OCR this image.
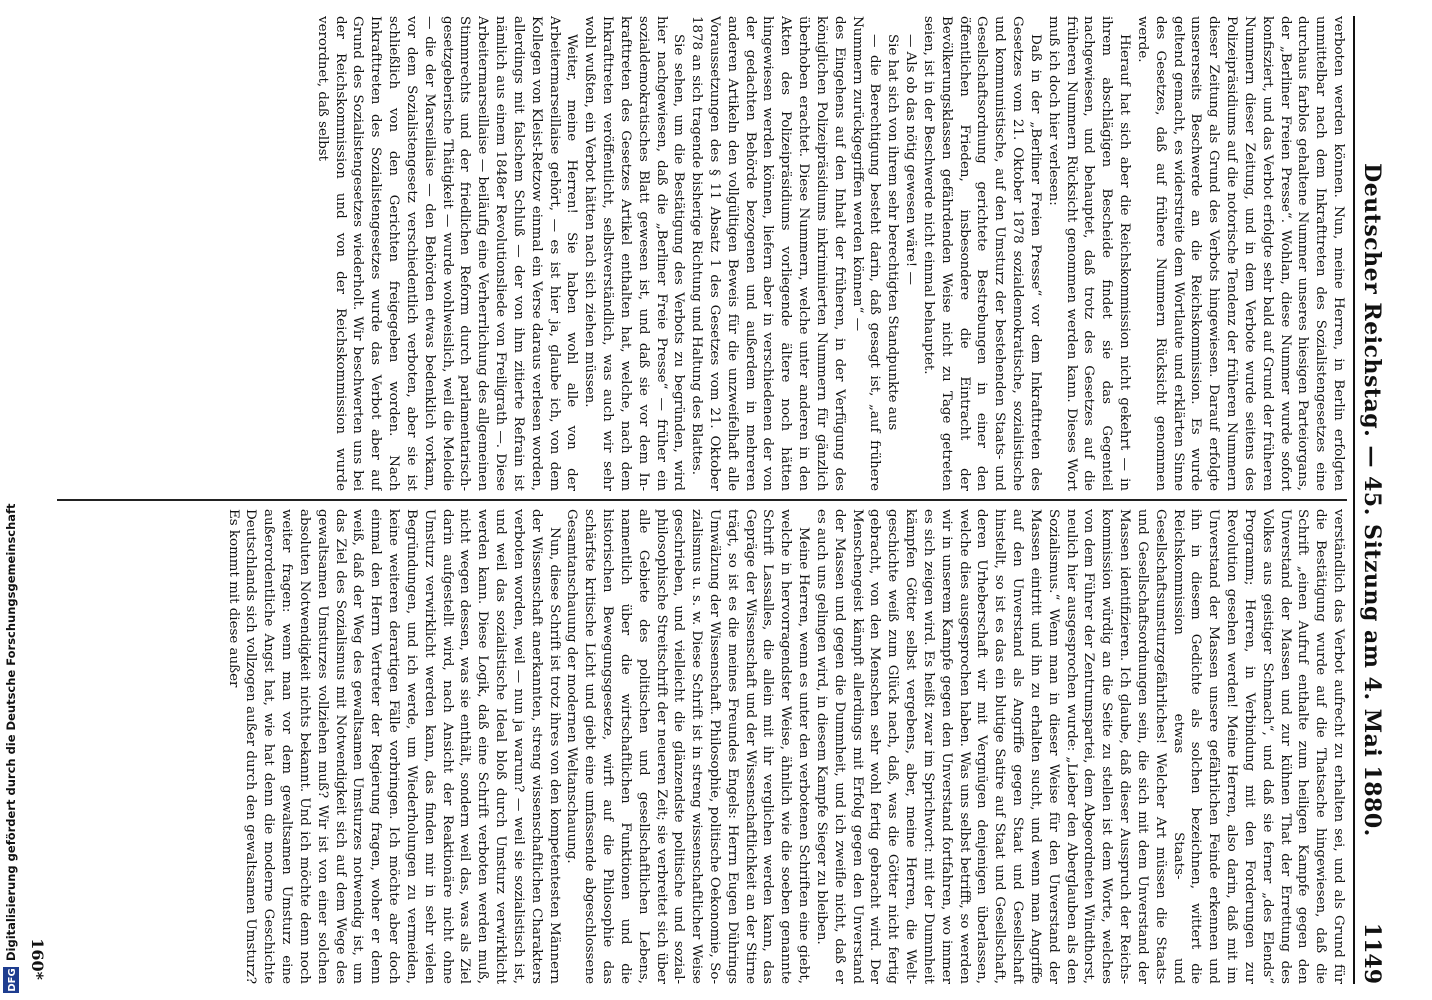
Deutscher Reichstag. — 45. Sitzung am 4. Mai 1880.
1149

verboten werden können. Nun, meine Herren, in Berlin erfolgten unmittelbar nach dem Inkrafttreten des Sozialistengesetzes eine durchaus farblos gehaltene Nummer unseres hiesigen Parteiorgans, der „Berliner Freien Presse“. Wohlan, diese Nummer wurde sofort konfisziert, und das Verbot erfolgte sehr bald auf Grund der früheren Nummern dieser Zeitung, und in dem Verbote wurde seitens des Polizeipräsidiums auf die notorische Tendenz der früheren Nummern dieser Zeitung als Grund des Verbots hingewiesen. Darauf erfolgte unsererseits Beschwerde an die Reichskommission. Es wurde geltend gemacht, es widerstreite dem Wortlaute und erklärten Sinne des Gesetzes, daß auf frühere Nummern Rücksicht genommen werde.

Hierauf hat sich aber die Reichskommission nicht gekehrt — in ihrem abschlägigen Bescheide findet sie das Gegenteil nachgewiesen, und behauptet, daß trotz des Gesetzes auf die früheren Nummern Rücksicht genommen werden kann. Dieses Wort muß ich doch hier verlesen:

Daß in der „Berliner Freien Presse“ vor dem Inkrafttreten des Gesetzes vom 21. Oktober 1878 sozialdemokratische, sozialistische und kommunistische, auf den Umsturz der bestehenden Staats- und Gesellschaftsordnung gerichtete Bestrebungen in einer den öffentlichen Frieden, insbesondere die Eintracht der Bevölkerungsklassen gefährdenden Weise nicht zu Tage getreten seien, ist in der Beschwerde nicht einmal behauptet.

— Als ob das nötig gewesen wäre! —

Sie hat sich von ihrem sehr berechtigten Standpunkte aus

— die Berechtigung besteht darin, daß gesagt ist, „auf frühere Nummern zurückgegriffen werden können“ —

des Eingehens auf den Inhalt der früheren, in der Verfügung des königlichen Polizeipräsidiums inkriminierten Nummern für gänzlich überhoben erachtet. Diese Nummern, welche unter anderen in den Akten des Polizeipräsidiums vorliegende ältere noch hätten hingewiesen werden können, liefern aber in verschiedenen der von der gedachten Behörde bezogenen und außerdem in mehreren anderen Artikeln den vollgültigen Beweis für die unzweifelhaft alle Voraussetzungen des § 11 Absatz 1 des Gesetzes vom 21. Oktober 1878 an sich tragende bisherige Richtung und Haltung des Blattes.

Sie sehen, um die Bestätigung des Verbots zu begründen, wird hier nachgewiesen, daß die „Berliner Freie Presse“ — früher ein sozialdemokratisches Blatt gewesen ist, und daß sie vor dem Inkrafttreten des Gesetzes Artikel enthalten hat, welche, nach dem Inkrafttreten veröffentlicht, selbstverständlich, was auch wir sehr wohl wußten, ein Verbot hätten nach sich ziehen müssen.

Weiter, meine Herren! Sie haben wohl alle von der Arbeitermarseillaise gehört, — es ist hier ja, glaube ich, von dem Kollegen von Kleist-Retzow einmal ein Verse daraus verlesen worden, allerdings mit falschem Schluß — der von ihm zitierte Refrain ist nämlich aus einem 1848er Revolutionsliede von Freiligrath —. Diese Arbeitermarseillaise — beiläufig eine Verherrlichung des allgemeinen Stimmrechts und der friedlichen Reform durch parlamentarisch-gesetzgeberische Thätigkeit — wurde wohlweislich, weil die Melodie — die der Marseillaise — den Behörden etwas bedenklich vorkam, vor dem Sozialistengesetz verschiedentlich verboten, aber sie ist schließlich von den Gerichten freigegeben worden. Nach Inkrafttreten des Sozialistengesetzes wurde das Verbot aber auf Grund des Sozialistengesetzes wiederholt. Wir beschwerten uns bei der Reichskommission und von der Reichskommission wurde verordnet, daß selbst

verständlich das Verbot aufrecht zu erhalten sei, und als Grund für die Bestätigung wurde auf die Thatsache hingewiesen, daß die Schrift „einen Aufruf enthalte zum heiligen Kampfe gegen den Unverstand der Massen und zur kühnen That der Errettung des Volkes aus geistiger Schmach“, und daß sie ferner „des Elends“ Programm; Herren, in Verbindung mit den Forderungen zur Revolution gesehen werden! Meine Herren, also darin, daß mit im Unverstand der Massen unsere gefährlichen Feinde erkennen und ihn in diesem Gedichte als solchen bezeichnen, wittert die Reichskommission etwas Staats- und Gesellschaftsumsturzgefährliches! Welcher Art müssen die Staats- und Gesellschaftsordnungen sein, die sich mit dem Unverstand der Massen identifizieren. Ich glaube, daß dieser Ausspruch der Reichskommission würdig an die Seite zu stellen ist dem Worte, welches von dem Führer der Zentrumspartei, dem Abgeordneten Windthorst, neulich hier ausgesprochen wurde: „Lieber den Aberglauben als den Sozialismus.“ Wenn man in dieser Weise für den Unverstand der Massen eintritt und ihn zu erhalten sucht, und wenn man Angriffe auf den Unverstand als Angriffe gegen Staat und Gesellschaft hinstellt, so ist es das ein blutige Satire auf Staat und Gesellschaft, deren Urheberschaft wir mit Vergnügen denjenigen überlassen, welche dies ausgesprochen haben. Was uns selbst betrifft, so werden wir in unserem Kampfe gegen den Unverstand fortfahren, wo immer es sich zeigen wird. Es heißt zwar im Sprichwort: mit der Dummheit kämpfen Götter selbst vergebens, aber, meine Herren, die Weltgeschichte weiß zum Glück nach, daß, was die Götter nicht fertig gebracht, von den Menschen sehr wohl fertig gebracht wird. Der Menschengeist kämpft allerdings mit Erfolg gegen den Unverstand der Massen und gegen die Dummheit, und ich zweifle nicht, daß er es auch uns gelingen wird, in diesem Kampfe Sieger zu bleiben.

Meine Herren, wenn es unter den verbotenen Schriften eine giebt, welche in hervorragendster Weise, ähnlich wie die soeben genannte Schrift Lassalles, die allein mit ihr verglichen werden kann, das Gepräge der Wissenschaft und der Wissenschaftlichkeit an der Stirne trägt, so ist es die meines Freundes Engels: Herrn Eugen Dührings Umwälzung der Wissenschaft. Philosophie, politische Oekonomie, Sozialismus u. s. w. Diese Schrift ist in streng wissenschaftlicher Weise geschrieben, und vielleicht die glänzendste politische und sozial-philosophische Streitschrift der neueren Zeit; sie verbreitet sich über alle Gebiete des politischen und gesellschaftlichen Lebens, namentlich über die wirtschaftlichen Funktionen und die historischen Bewegungsgesetze, wirft auf die Philosophie das schärfste kritische Licht und giebt eine umfassende abgeschlossene Gesamtanschauung der modernen Weltanschauung.

Nun, diese Schrift ist trotz ihres von den kompetentesten Männern der Wissenschaft anerkannten, streng wissenschaftlichen Charakters verboten worden, weil — nun ja warum? — weil sie sozialistisch ist, und weil das sozialistische Ideal bloß durch Umsturz verwirklicht werden kann. Diese Logik, daß eine Schrift verboten werden muß, nicht wegen dessen, was sie enthält, sondern weil das, was als Ziel darin aufgestellt wird, nach Ansicht der Reaktionäre nicht ohne Umsturz verwirklicht werden kann, das finden mir in sehr vielen Begründungen, und ich werde, um Wiederholungen zu vermeiden, keine weiteren derartigen Fälle vorbringen. Ich möchte aber doch einmal den Herrn Vertreter der Regierung fragen, woher er denn weiß, daß der Weg des gewaltsamen Umsturzes notwendig ist, um das Ziel des Sozialismus mit Notwendigkeit sich auf dem Wege des gewaltsamen Umsturzes vollziehen muß? Wir ist von einer solchen absoluten Notwendigkeit nichts bekannt. Und ich möchte denn noch weiter fragen: wenn man vor dem gewaltsamen Umsturz eine außerordentliche Angst hat, wie hat denn die moderne Geschichte Deutschlands sich vollzogen außer durch den gewaltsamen Umsturz? Es kommt mit diese außer

160*
DFG
Digitalisierung gefördert durch die Deutsche Forschungsgemeinschaft
